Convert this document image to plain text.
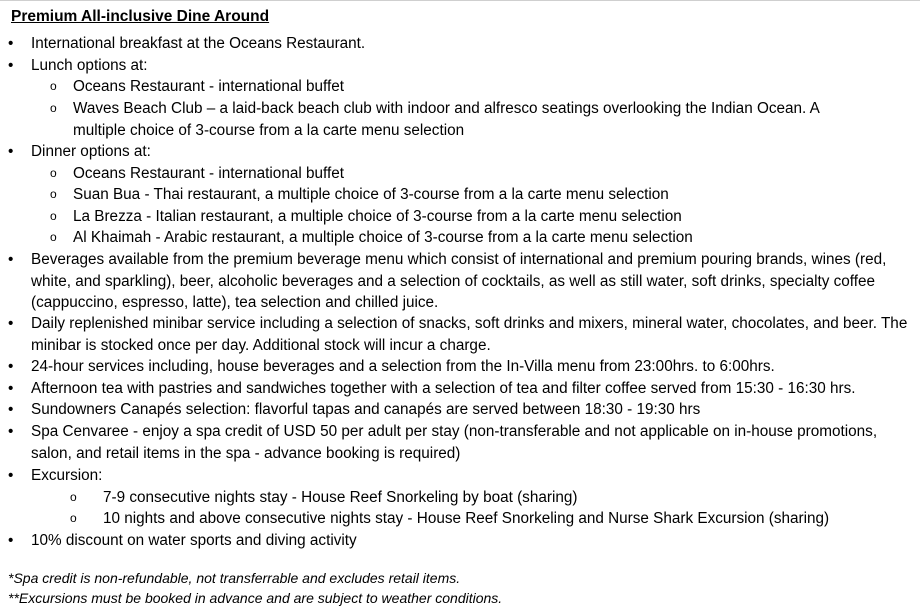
Premium All-inclusive Dine Around
• International breakfast at the Oceans Restaurant.
• Lunch options at:
o Oceans Restaurant - international buffet
o Waves Beach Club – a laid-back beach club with indoor and alfresco seatings overlooking the Indian Ocean. A multiple choice of 3-course from a la carte menu selection
• Dinner options at:
o Oceans Restaurant - international buffet
o Suan Bua - Thai restaurant, a multiple choice of 3-course from a la carte menu selection
o La Brezza - Italian restaurant, a multiple choice of 3-course from a la carte menu selection
o Al Khaimah - Arabic restaurant, a multiple choice of 3-course from a la carte menu selection
• Beverages available from the premium beverage menu which consist of international and premium pouring brands, wines (red, white, and sparkling), beer, alcoholic beverages and a selection of cocktails, as well as still water, soft drinks, specialty coffee (cappuccino, espresso, latte), tea selection and chilled juice.
• Daily replenished minibar service including a selection of snacks, soft drinks and mixers, mineral water, chocolates, and beer. The minibar is stocked once per day. Additional stock will incur a charge.
• 24-hour services including, house beverages and a selection from the In-Villa menu from 23:00hrs. to 6:00hrs.
• Afternoon tea with pastries and sandwiches together with a selection of tea and filter coffee served from 15:30 - 16:30 hrs.
• Sundowners Canapés selection: flavorful tapas and canapés are served between 18:30 - 19:30 hrs
• Spa Cenvaree - enjoy a spa credit of USD 50 per adult per stay (non-transferable and not applicable on in-house promotions, salon, and retail items in the spa - advance booking is required)
• Excursion:
o 7-9 consecutive nights stay - House Reef Snorkeling by boat (sharing)
o 10 nights and above consecutive nights stay - House Reef Snorkeling and Nurse Shark Excursion (sharing)
• 10% discount on water sports and diving activity
*Spa credit is non-refundable, not transferrable and excludes retail items.
**Excursions must be booked in advance and are subject to weather conditions.
